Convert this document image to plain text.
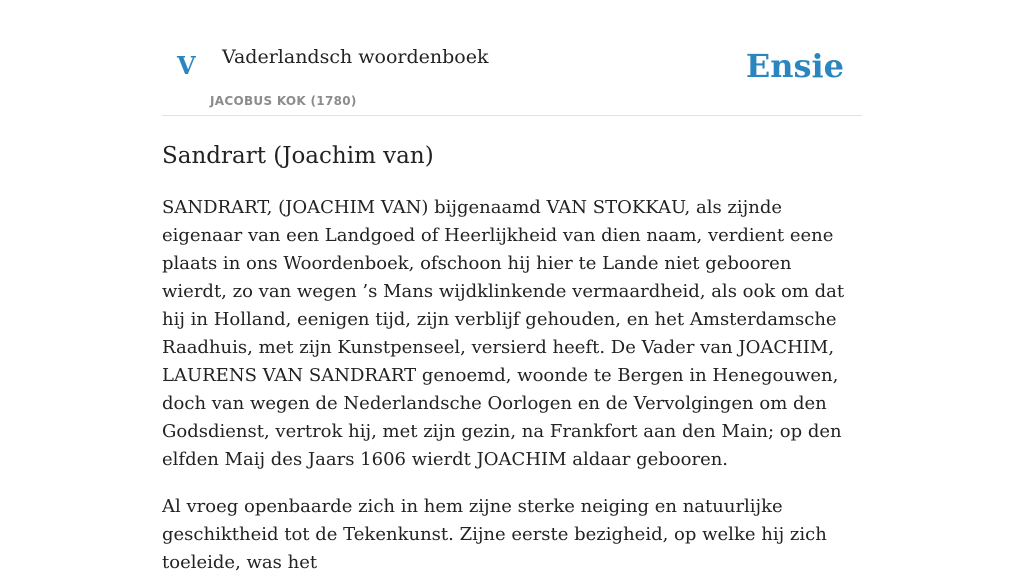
V Vaderlandsch woordenboek
JACOBUS KOK (1780)
Ensie
Sandrart (Joachim van)

SANDRART, (JOACHIM VAN) bijgenaamd VAN STOKKAU, als zijnde eigenaar van een Landgoed of Heerlijkheid van dien naam, verdient eene plaats in ons Woordenboek, ofschoon hij hier te Lande niet gebooren wierdt, zo van wegen ’s Mans wijdklinkende vermaardheid, als ook om dat hij in Holland, eenigen tijd, zijn verblijf gehouden, en het Amsterdamsche Raadhuis, met zijn Kunstpenseel, versierd heeft. De Vader van JOACHIM, LAURENS VAN SANDRART genoemd, woonde te Bergen in Henegouwen, doch van wegen de Nederlandsche Oorlogen en de Vervolgingen om den Godsdienst, vertrok hij, met zijn gezin, na Frankfort aan den Main; op den elfden Maij des Jaars 1606 wierdt JOACHIM aldaar gebooren.

Al vroeg openbaarde zich in hem zijne sterke neiging en natuurlijke geschiktheid tot de Tekenkunst. Zijne eerste bezigheid, op welke hij zich toeleide, was het
